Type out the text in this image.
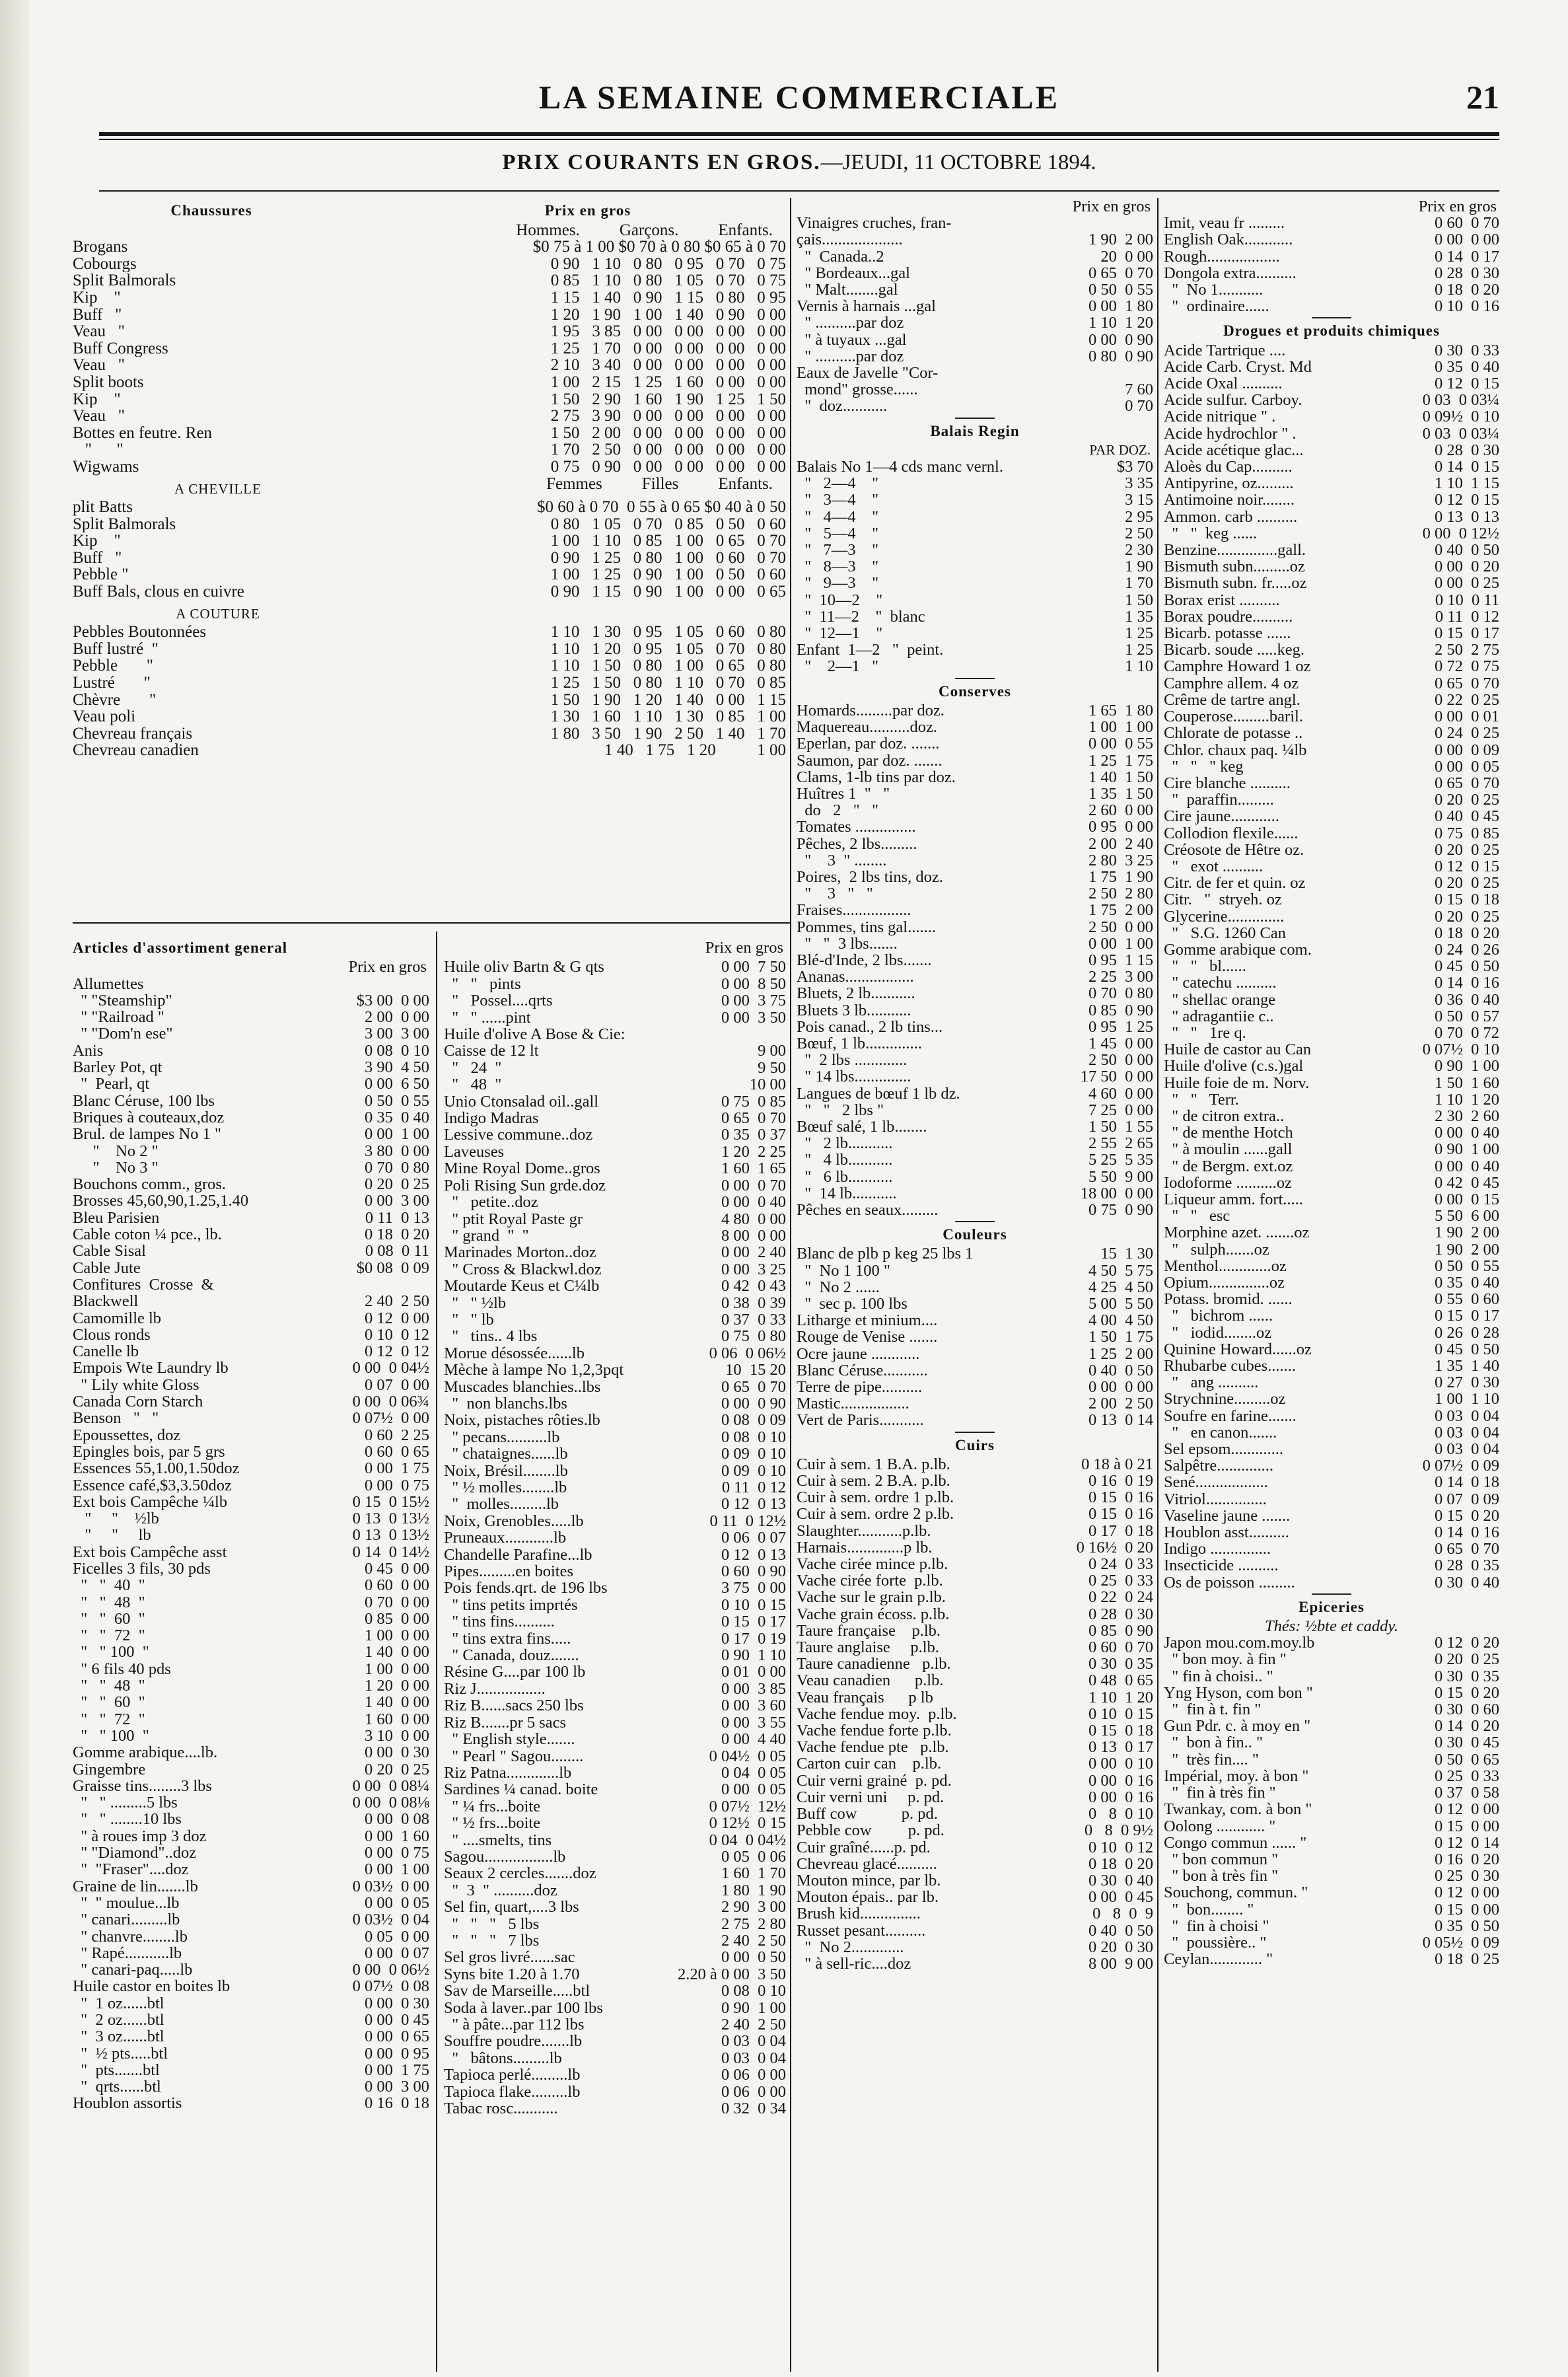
LA SEMAINE COMMERCIALE	21
PRIX COURANTS EN GROS.—JEUDI, 11 OCTOBRE 1894.
Chaussures	Prix en gros
Hommes. Garçons. Enfants.
Brogans	$0 75 à 1 00 $0 70 à 0 80 $0 65 à 0 70
Cobourgs	0 90   1 10   0 80   0 95   0 70   0 75
Split Balmorals	0 85   1 10   0 80   1 05   0 70   0 75
Kip    "	1 15   1 40   0 90   1 15   0 80   0 95
Buff   "	1 20   1 90   1 00   1 40   0 90   0 00
Veau   "	1 95   3 85   0 00   0 00   0 00   0 00
Buff Congress	1 25   1 70   0 00   0 00   0 00   0 00
Veau   "	2 10   3 40   0 00   0 00   0 00   0 00
Split boots	1 00   2 15   1 25   1 60   0 00   0 00
Kip    "	1 50   2 90   1 60   1 90   1 25   1 50
Veau   "	2 75   3 90   0 00   0 00   0 00   0 00
Bottes en feutre. Ren	1 50   2 00   0 00   0 00   0 00   0 00
"      "	1 70   2 50   0 00   0 00   0 00   0 00
Wigwams	0 75   0 90   0 00   0 00   0 00   0 00
A CHEVILLE	Femmes Filles Enfants.
plit Batts	$0 60 à 0 70  0 55 à 0 65 $0 40 à 0 50
Split Balmorals	0 80   1 05   0 70   0 85   0 50   0 60
Kip    "	1 00   1 10   0 85   1 00   0 65   0 70
Buff   "	0 90   1 25   0 80   1 00   0 60   0 70
Pebble "	1 00   1 25   0 90   1 00   0 50   0 60
Buff Bals, clous en cuivre	0 90   1 15   0 90   1 00   0 00   0 65
A COUTURE
Pebbles Boutonnées	1 10   1 30   0 95   1 05   0 60   0 80
Buff lustré  "	1 10   1 20   0 95   1 05   0 70   0 80
Pebble       "	1 10   1 50   0 80   1 00   0 65   0 80
Lustré       "	1 25   1 50   0 80   1 10   0 70   0 85
Chèvre       "	1 50   1 90   1 20   1 40   0 00   1 15
Veau poli	1 30   1 60   1 10   1 30   0 85   1 00
Chevreau français	1 80   3 50   1 90   2 50   1 40   1 70
Chevreau canadien	1 40   1 75   1 20          1 00
Articles d'assortiment general
Prix en gros
Allumettes
" "Steamship"	$3 00  0 00
" "Railroad "	2 00  0 00
" "Dom'n ese"	3 00  3 00
Anis	0 08  0 10
Barley Pot, qt	3 90  4 50
"  Pearl, qt	0 00  6 50
Blanc Céruse, 100 lbs	0 50  0 55
Briques à couteaux,doz	0 35  0 40
Brul. de lampes No 1 "	0 00  1 00
"    No 2 "	3 80  0 00
"    No 3 "	0 70  0 80
Bouchons comm., gros.	0 20  0 25
Brosses 45,60,90,1.25,1.40	0 00  3 00
Bleu Parisien	0 11  0 13
Cable coton ¼ pce., lb.	0 18  0 20
Cable Sisal	0 08  0 11
Cable Jute	$0 08  0 09
Confitures  Crosse  &
Blackwell	2 40  2 50
Camomille lb	0 12  0 00
Clous ronds	0 10  0 12
Canelle lb	0 12  0 12
Empois Wte Laundry lb	0 00  0 04½
" Lily white Gloss	0 07  0 00
Canada Corn Starch	0 00  0 06¾
Benson   "   "	0 07½  0 00
Epoussettes, doz	0 60  2 25
Epingles bois, par 5 grs	0 60  0 65
Essences 55,1.00,1.50doz	0 00  1 75
Essence café,$3,3.50doz	0 00  0 75
Ext bois Campêche ¼lb	0 15  0 15½
"     "    ½lb	0 13  0 13½
"     "     lb	0 13  0 13½
Ext bois Campêche asst	0 14  0 14½
Ficelles 3 fils, 30 pds	0 45  0 00
"   "  40  "	0 60  0 00
"   "  48  "	0 70  0 00
"   "  60  "	0 85  0 00
"   "  72  "	1 00  0 00
"   " 100  "	1 40  0 00
" 6 fils 40 pds	1 00  0 00
"   "  48  "	1 20  0 00
"   "  60  "	1 40  0 00
"   "  72  "	1 60  0 00
"   " 100  "	3 10  0 00
Gomme arabique....lb.	0 00  0 30
Gingembre	0 20  0 25
Graisse tins........3 lbs	0 00  0 08¼
"   " .........5 lbs	0 00  0 08⅛
"   " ........10 lbs	0 00  0 08
" à roues imp 3 doz	0 00  1 60
" "Diamond"..doz	0 00  0 75
"  "Fraser"....doz	0 00  1 00
Graine de lin.......lb	0 03½  0 00
"  " moulue...lb	0 00  0 05
" canari.........lb	0 03½  0 04
" chanvre........lb	0 05  0 00
" Rapé...........lb	0 00  0 07
" canari-paq.....lb	0 00  0 06½
Huile castor en boites lb	0 07½  0 08
"  1 oz......btl	0 00  0 30
"  2 oz......btl	0 00  0 45
"  3 oz......btl	0 00  0 65
"  ½ pts.....btl	0 00  0 95
"  pts.......btl	0 00  1 75
"  qrts......btl	0 00  3 00
Houblon assortis	0 16  0 18
Prix en gros
Huile oliv Bartn & G qts	0 00  7 50
"   "   pints	0 00  8 50
"   Possel....qrts	0 00  3 75
"   " ......pint	0 00  3 50
Huile d'olive A Bose & Cie:
Caisse de 12 lt	9 00
"   24  "	9 50
"   48  "	10 00
Unio Ctonsalad oil..gall	0 75  0 85
Indigo Madras	0 65  0 70
Lessive commune..doz	0 35  0 37
Laveuses	1 20  2 25
Mine Royal Dome..gros	1 60  1 65
Poli Rising Sun grde.doz	0 00  0 70
"   petite..doz	0 00  0 40
" ptit Royal Paste gr	4 80  0 00
" grand  "  "	8 00  0 00
Marinades Morton..doz	0 00  2 40
" Cross & Blackwl.doz	0 00  3 25
Moutarde Keus et C¼lb	0 42  0 43
"   " ½lb	0 38  0 39
"   " lb	0 37  0 33
"   tins.. 4 lbs	0 75  0 80
Morue désossée......lb	0 06  0 06½
Mèche à lampe No 1,2,3pqt	10  15 20
Muscades blanchies..lbs	0 65  0 70
"  non blanchs.lbs	0 00  0 90
Noix, pistaches rôties.lb	0 08  0 09
" pecans..........lb	0 08  0 10
" chataignes......lb	0 09  0 10
Noix, Brésil........lb	0 09  0 10
" ½ molles........lb	0 11  0 12
"  molles.........lb	0 12  0 13
Noix, Grenobles.....lb	0 11  0 12½
Pruneaux............lb	0 06  0 07
Chandelle Parafine...lb	0 12  0 13
Pipes.........en boites	0 60  0 90
Pois fends.qrt. de 196 lbs	3 75  0 00
" tins petits imprtés	0 10  0 15
" tins fins..........	0 15  0 17
" tins extra fins.....	0 17  0 19
" Canada, douz.......	0 90  1 10
Résine G....par 100 lb	0 01  0 00
Riz J.................	0 00  3 85
Riz B......sacs 250 lbs	0 00  3 60
Riz B.......pr 5 sacs	0 00  3 55
" English style.......	0 00  4 40
" Pearl " Sagou........	0 04½  0 05
Riz Patna.............lb	0 04  0 05
Sardines ¼ canad. boite	0 00  0 05
" ¼ frs...boite	0 07½  12½
" ½ frs...boite	0 12½  0 15
" ....smelts, tins	0 04  0 04½
Sagou.................lb	0 05  0 06
Seaux 2 cercles.......doz	1 60  1 70
"  3  " ..........doz	1 80  1 90
Sel fin, quart,....3 lbs	2 90  3 00
"   "   "   5 lbs	2 75  2 80
"   "   "   7 lbs	2 40  2 50
Sel gros livré......sac	0 00  0 50
Syns bite 1.20 à 1.70	2.20 à 0 00  3 50
Sav de Marseille.....btl	0 08  0 10
Soda à laver..par 100 lbs	0 90  1 00
" à pâte...par 112 lbs	2 40  2 50
Souffre poudre.......lb	0 03  0 04
"   bâtons.........lb	0 03  0 04
Tapioca perlé.........lb	0 06  0 00
Tapioca flake.........lb	0 06  0 00
Tabac rosc...........	0 32  0 34
Prix en gros
Vinaigres cruches, fran-
çais....................	1 90  2 00
"  Canada..2	20  0 00
" Bordeaux...gal	0 65  0 70
" Malt........gal	0 50  0 55
Vernis à harnais ...gal	0 00  1 80
" ..........par doz	1 10  1 20
" à tuyaux ...gal	0 00  0 90
" ..........par doz	0 80  0 90
Eaux de Javelle "Cor-
mond" grosse......	7 60
"  doz...........	0 70
Balais Regin
PAR DOZ.
Balais No 1—4 cds manc vernl.	$3 70
"   2—4    "	3 35
"   3—4    "	3 15
"   4—4    "	2 95
"   5—4    "	2 50
"   7—3    "	2 30
"   8—3    "	1 90
"   9—3    "	1 70
"  10—2    "	1 50
"  11—2    "  blanc	1 35
"  12—1    "	1 25
Enfant  1—2   "  peint.	1 25
"    2—1   "	1 10
Conserves
Homards.........par doz.	1 65  1 80
Maquereau..........doz.	1 00  1 00
Eperlan, par doz. .......	0 00  0 55
Saumon, par doz. .......	1 25  1 75
Clams, 1-lb tins par doz.	1 40  1 50
Huîtres 1  "   "	1 35  1 50
do   2   "   "	2 60  0 00
Tomates ...............	0 95  0 00
Pêches, 2 lbs.........	2 00  2 40
"    3  " ........	2 80  3 25
Poires,  2 lbs tins, doz.	1 75  1 90
"    3   "   "	2 50  2 80
Fraises.................	1 75  2 00
Pommes, tins gal.......	2 50  0 00
"   "  3 lbs.......	0 00  1 00
Blé-d'Inde, 2 lbs.......	0 95  1 15
Ananas.................	2 25  3 00
Bluets, 2 lb...........	0 70  0 80
Bluets 3 lb...........	0 85  0 90
Pois canad., 2 lb tins...	0 95  1 25
Bœuf, 1 lb..............	1 45  0 00
"  2 lbs .............	2 50  0 00
" 14 lbs..............	17 50  0 00
Langues de bœuf 1 lb dz.	4 60  0 00
"   "   2 lbs "	7 25  0 00
Bœuf salé, 1 lb........	1 50  1 55
"   2 lb...........	2 55  2 65
"   4 lb...........	5 25  5 35
"   6 lb...........	5 50  9 00
"  14 lb...........	18 00  0 00
Pêches en seaux.........	0 75  0 90
Couleurs
Blanc de plb p keg 25 lbs 1	15  1 30
"  No 1 100 "	4 50  5 75
"  No 2 ......	4 25  4 50
"  sec p. 100 lbs	5 00  5 50
Litharge et minium....	4 00  4 50
Rouge de Venise .......	1 50  1 75
Ocre jaune ............	1 25  2 00
Blanc Céruse...........	0 40  0 50
Terre de pipe..........	0 00  0 00
Mastic.................	2 00  2 50
Vert de Paris...........	0 13  0 14
Cuirs
Cuir à sem. 1 B.A. p.lb.	0 18 à 0 21
Cuir à sem. 2 B.A. p.lb.	0 16  0 19
Cuir à sem. ordre 1 p.lb.	0 15  0 16
Cuir à sem. ordre 2 p.lb.	0 15  0 16
Slaughter...........p.lb.	0 17  0 18
Harnais..............p lb.	0 16½  0 20
Vache cirée mince p.lb.	0 24  0 33
Vache cirée forte  p.lb.	0 25  0 33
Vache sur le grain p.lb.	0 22  0 24
Vache grain écoss. p.lb.	0 28  0 30
Taure française    p.lb.	0 85  0 90
Taure anglaise     p.lb.	0 60  0 70
Taure canadienne   p.lb.	0 30  0 35
Veau canadien      p.lb.	0 48  0 65
Veau français      p lb	1 10  1 20
Vache fendue moy.  p.lb.	0 10  0 15
Vache fendue forte p.lb.	0 15  0 18
Vache fendue pte   p.lb.	0 13  0 17
Carton cuir can    p.lb.	0 00  0 10
Cuir verni grainé  p. pd.	0 00  0 16
Cuir verni uni     p. pd.	0 00  0 16
Buff cow           p. pd.	0   8  0 10
Pebble cow         p. pd.	0   8  0 9½
Cuir graîné......p. pd.	0 10  0 12
Chevreau glacé..........	0 18  0 20
Mouton mince, par lb.	0 30  0 40
Mouton épais.. par lb.	0 00  0 45
Brush kid...............	0   8  0  9
Russet pesant..........	0 40  0 50
"  No 2.............	0 20  0 30
" à sell-ric....doz	8 00  9 00
Prix en gros
Imit, veau fr .........	0 60  0 70
English Oak............	0 00  0 00
Rough..................	0 14  0 17
Dongola extra..........	0 28  0 30
"  No 1...........	0 18  0 20
"  ordinaire......	0 10  0 16
Drogues et produits chimiques
Acide Tartrique ....	0 30  0 33
Acide Carb. Cryst. Md	0 35  0 40
Acide Oxal ..........	0 12  0 15
Acide sulfur. Carboy.	0 03  0 03¼
Acide nitrique " .	0 09½  0 10
Acide hydrochlor " .	0 03  0 03¼
Acide acétique glac...	0 28  0 30
Aloès du Cap..........	0 14  0 15
Antipyrine, oz.........	1 10  1 15
Antimoine noir........	0 12  0 15
Ammon. carb ..........	0 13  0 13
"   "  keg ......	0 00  0 12½
Benzine...............gall.	0 40  0 50
Bismuth subn.........oz	0 00  0 20
Bismuth subn. fr.....oz	0 00  0 25
Borax erist ..........	0 10  0 11
Borax poudre..........	0 11  0 12
Bicarb. potasse ......	0 15  0 17
Bicarb. soude .....keg.	2 50  2 75
Camphre Howard 1 oz	0 72  0 75
Camphre allem. 4 oz	0 65  0 70
Crême de tartre angl.	0 22  0 25
Couperose.........baril.	0 00  0 01
Chlorate de potasse ..	0 24  0 25
Chlor. chaux paq. ¼lb	0 00  0 09
"   "   " keg	0 00  0 05
Cire blanche ..........	0 65  0 70
"  paraffin.........	0 20  0 25
Cire jaune............	0 40  0 45
Collodion flexile......	0 75  0 85
Créosote de Hêtre oz.	0 20  0 25
"   exot ..........	0 12  0 15
Citr. de fer et quin. oz	0 20  0 25
Citr.   "  stryeh. oz	0 15  0 18
Glycerine..............	0 20  0 25
"   S.G. 1260 Can	0 18  0 20
Gomme arabique com.	0 24  0 26
"   "   bl......	0 45  0 50
" catechu ..........	0 14  0 16
" shellac orange	0 36  0 40
" adragantiie c..	0 50  0 57
"   "   1re q.	0 70  0 72
Huile de castor au Can	0 07½  0 10
Huile d'olive (c.s.)gal	0 90  1 00
Huile foie de m. Norv.	1 50  1 60
"   "   Terr.	1 10  1 20
" de citron extra..	2 30  2 60
" de menthe Hotch	0 00  0 40
" à moulin ......gall	0 90  1 00
" de Bergm. ext.oz	0 00  0 40
Iodoforme ..........oz	0 42  0 45
Liqueur amm. fort.....	0 00  0 15
"   "   esc	5 50  6 00
Morphine azet. .......oz	1 90  2 00
"   sulph.......oz	1 90  2 00
Menthol.............oz	0 50  0 55
Opium...............oz	0 35  0 40
Potass. bromid. ......	0 55  0 60
"   bichrom ......	0 15  0 17
"   iodid........oz	0 26  0 28
Quinine Howard......oz	0 45  0 50
Rhubarbe cubes.......	1 35  1 40
"   ang ..........	0 27  0 30
Strychnine.........oz	1 00  1 10
Soufre en farine.......	0 03  0 04
"   en canon.......	0 03  0 04
Sel epsom.............	0 03  0 04
Salpêtre..............	0 07½  0 09
Sené..................	0 14  0 18
Vitriol...............	0 07  0 09
Vaseline jaune .......	0 15  0 20
Houblon asst..........	0 14  0 16
Indigo ...............	0 65  0 70
Insecticide ..........	0 28  0 35
Os de poisson .........	0 30  0 40
Epiceries
Thés: ½bte et caddy.
Japon mou.com.moy.lb	0 12  0 20
" bon moy. à fin "	0 20  0 25
" fin à choisi.. "	0 30  0 35
Yng Hyson, com bon "	0 15  0 20
"  fin à t. fin "	0 30  0 60
Gun Pdr. c. à moy en "	0 14  0 20
"  bon à fin.. "	0 30  0 45
"  très fin.... "	0 50  0 65
Impérial, moy. à bon "	0 25  0 33
"  fin à très fin "	0 37  0 58
Twankay, com. à bon "	0 12  0 00
Oolong ............ "	0 15  0 00
Congo commun ...... "	0 12  0 14
" bon commun "	0 16  0 20
" bon à très fin "	0 25  0 30
Souchong, commun. "	0 12  0 00
"  bon........ "	0 15  0 00
"  fin à choisi "	0 35  0 50
"  poussière.. "	0 05½  0 09
Ceylan............. "	0 18  0 25
